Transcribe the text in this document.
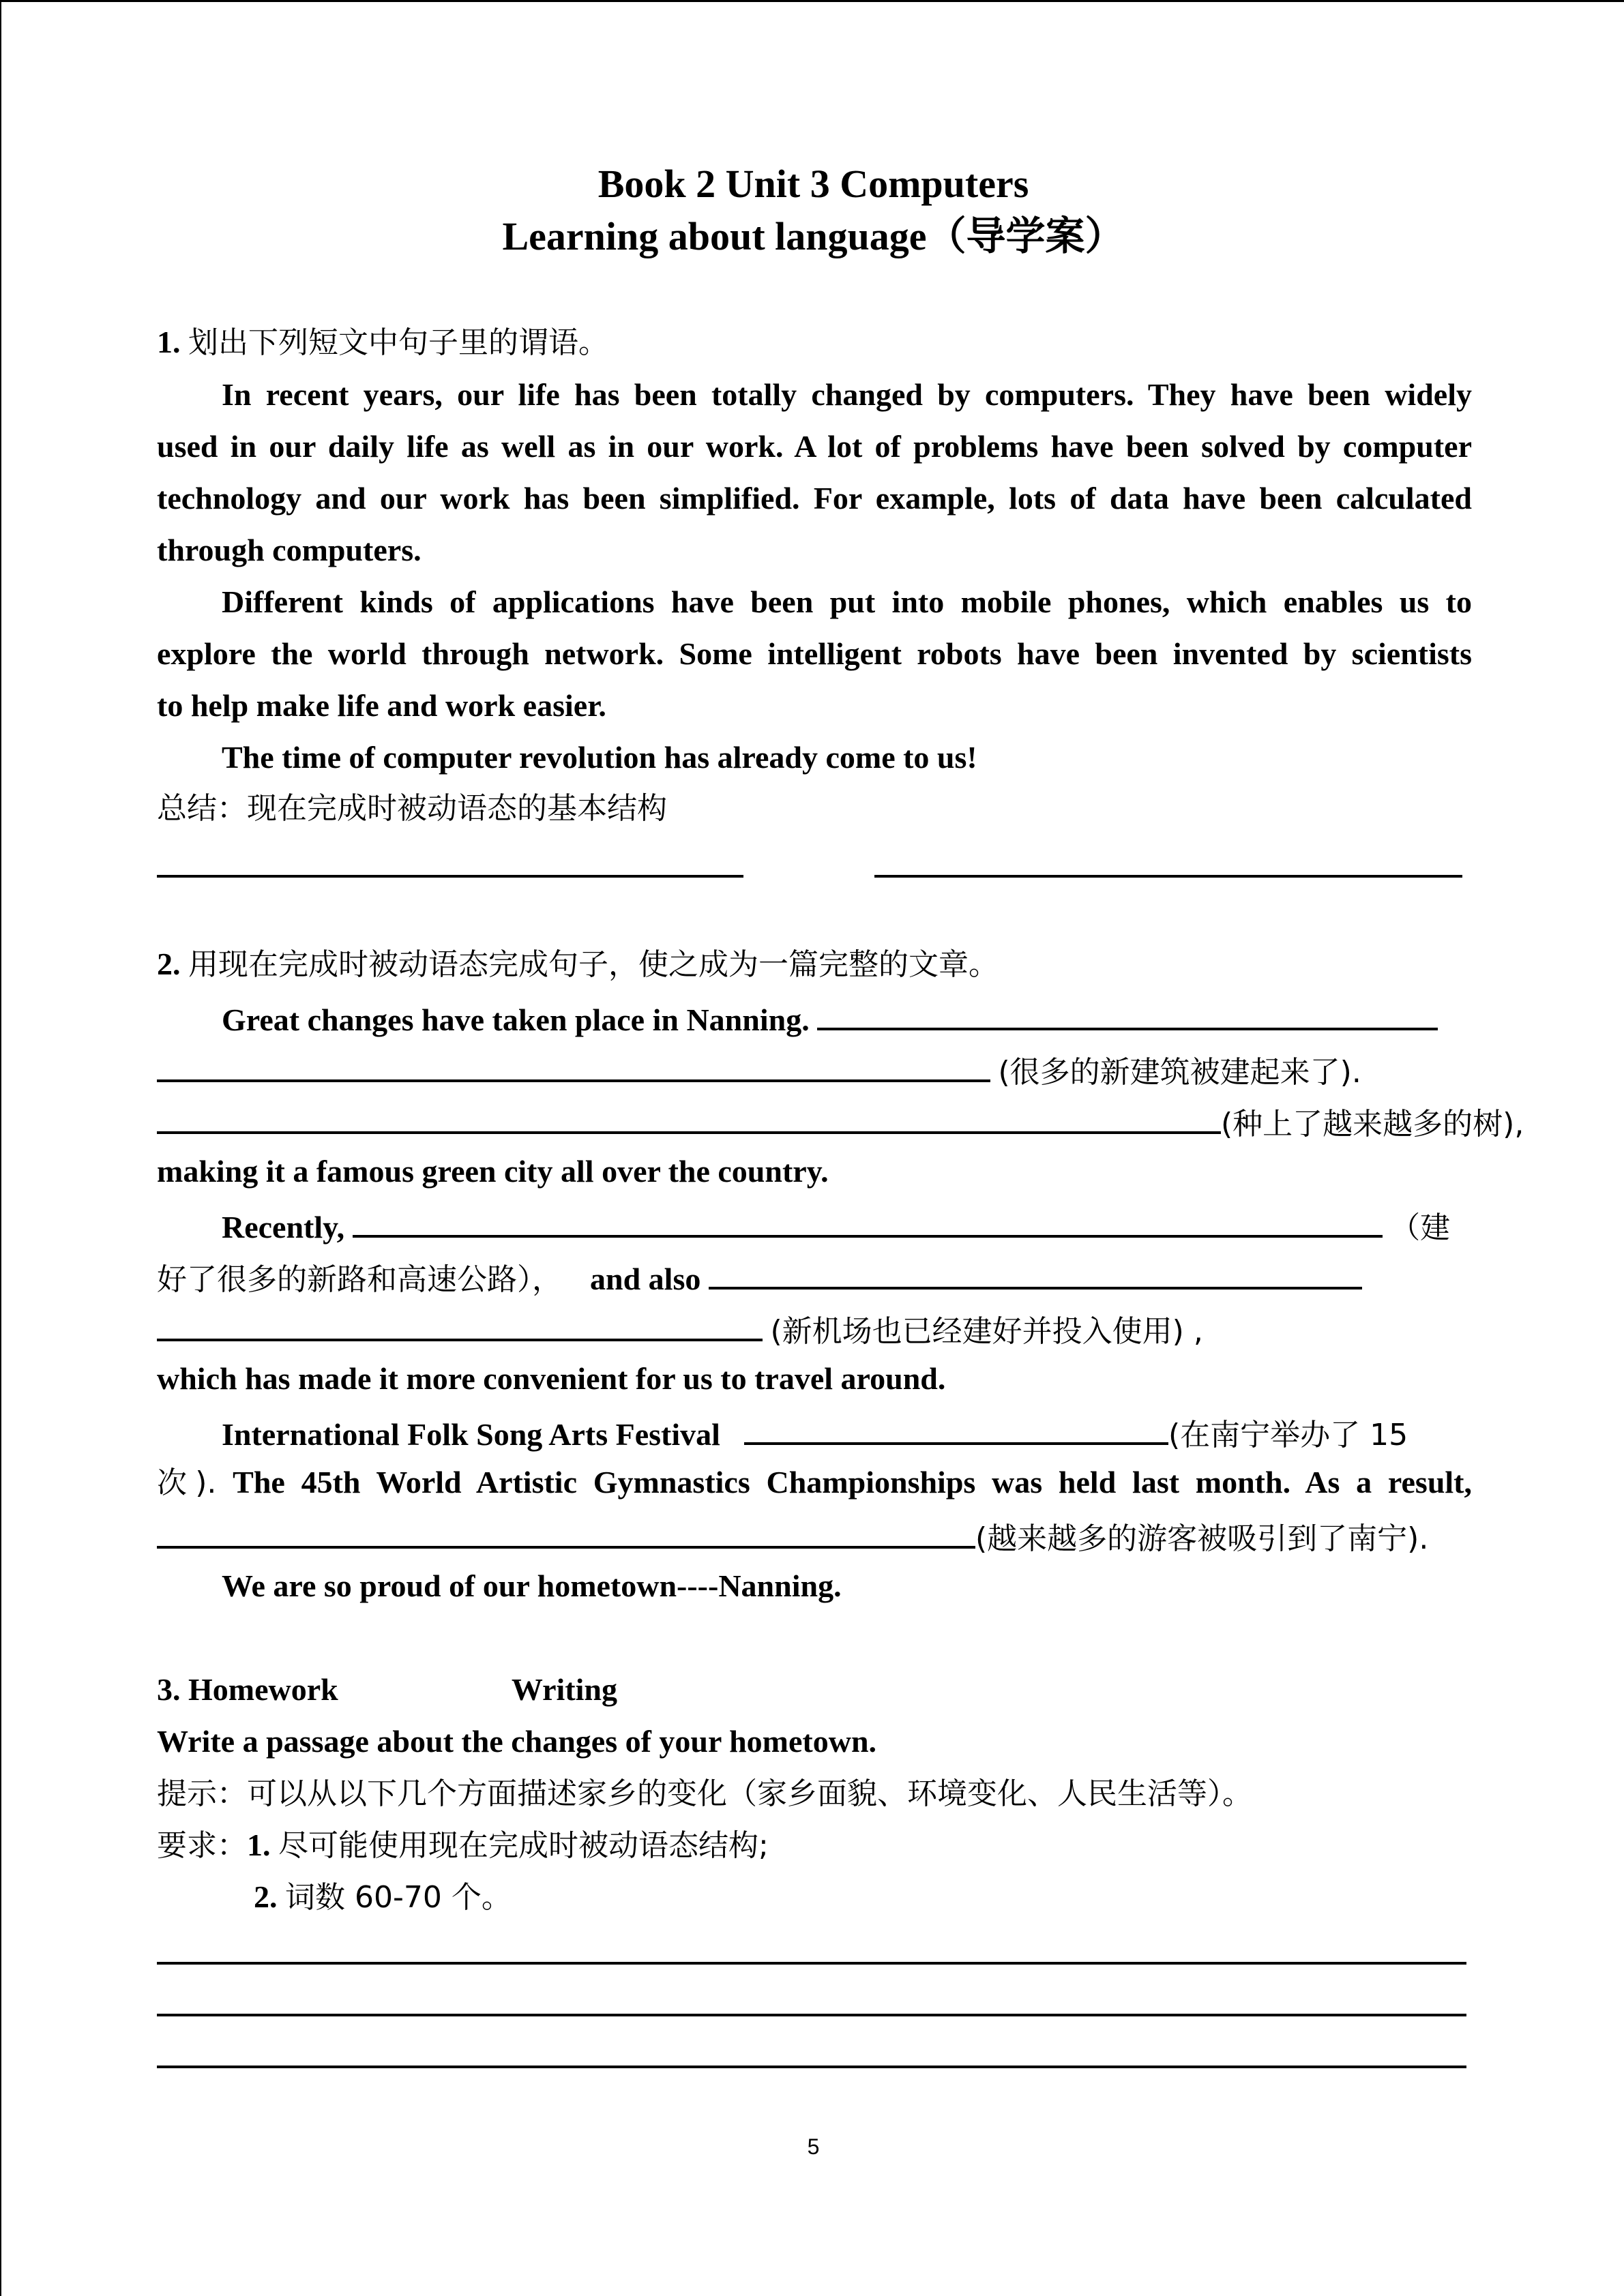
Book 2 Unit 3 Computers
Learning about language（导学案）
1. 划出下列短文中句子里的谓语。
In recent years, our life has been totally changed by computers. They have been widely
used in our daily life as well as in our work. A lot of problems have been solved by computer
technology and our work has been simplified. For example, lots of data have been calculated
through computers.
Different kinds of applications have been put into mobile phones, which enables us to
explore the world through network. Some intelligent robots have been invented by scientists
to help make life and work easier.
The time of computer revolution has already come to us!
总结：现在完成时被动语态的基本结构
2. 用现在完成时被动语态完成句子，使之成为一篇完整的文章。
Great changes have taken place in Nanning.
(很多的新建筑被建起来了).
(种上了越来越多的树),
making it a famous green city all over the country.
Recently,	（建
好了很多的新路和高速公路）， and also
(新机场也已经建好并投入使用) ,
which has made it more convenient for us to travel around.
International Folk Song Arts Festival	(在南宁举办了 15
次). The 45th World Artistic Gymnastics Championships was held last month. As a result,
(越来越多的游客被吸引到了南宁).
We are so proud of our hometown----Nanning.
3. Homework	Writing
Write a passage about the changes of your hometown.
提示：可以从以下几个方面描述家乡的变化（家乡面貌、环境变化、人民生活等）。
要求：1. 尽可能使用现在完成时被动语态结构;
2. 词数 60-70 个。
5
